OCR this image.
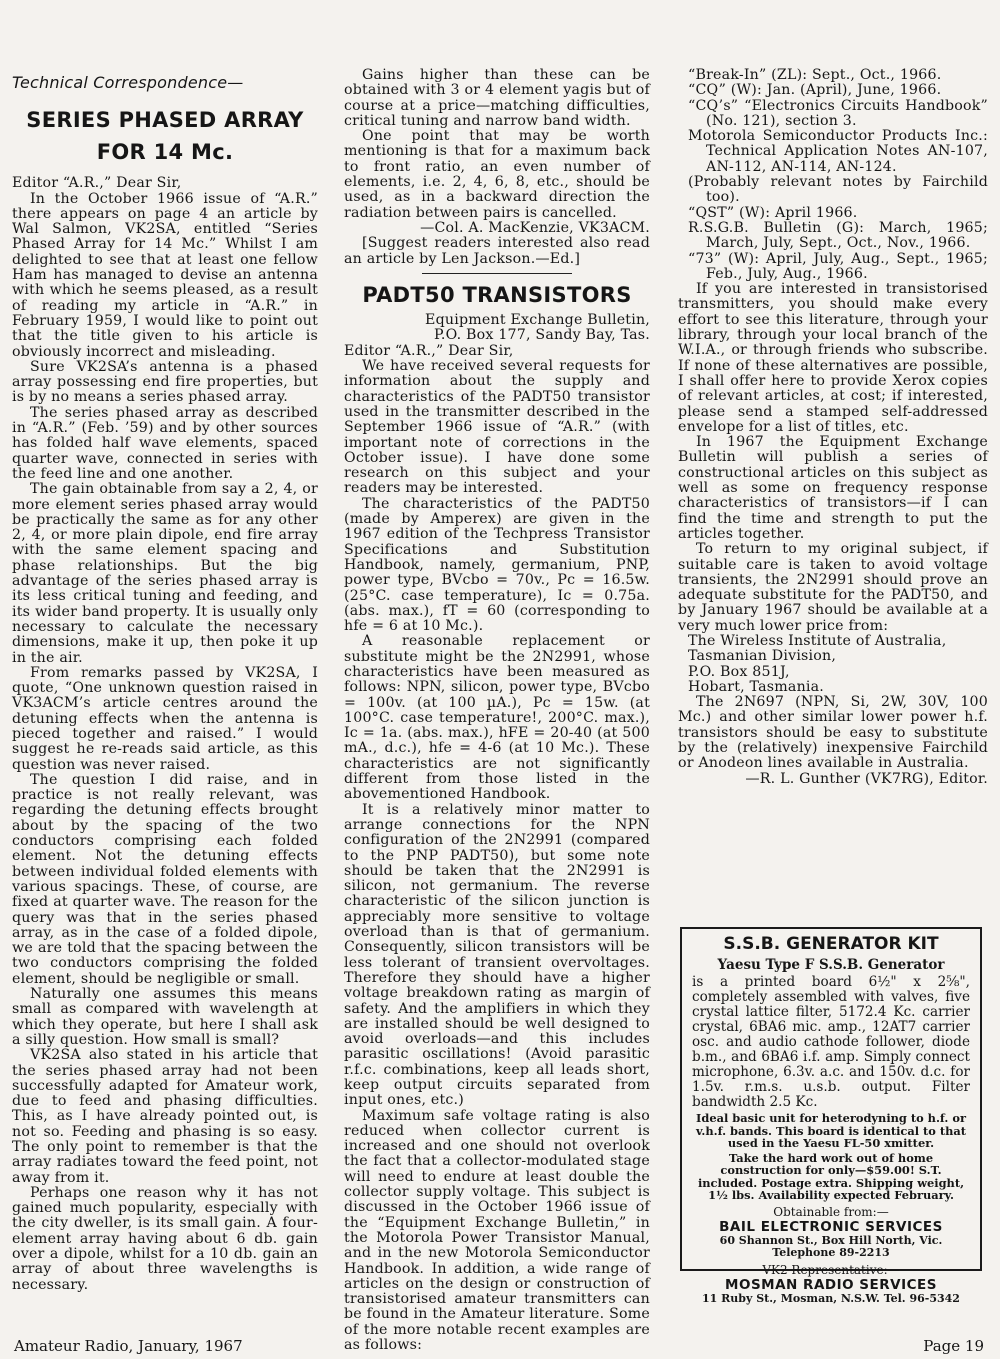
Technical Correspondence—
SERIES PHASED ARRAY
FOR 14 Mc.

Editor “A.R.,” Dear Sir,

In the October 1966 issue of “A.R.” there appears on page 4 an article by Wal Salmon, VK2SA, entitled “Series Phased Array for 14 Mc.” Whilst I am delighted to see that at least one fellow Ham has managed to devise an antenna with which he seems pleased, as a result of reading my article in “A.R.” in February 1959, I would like to point out that the title given to his article is obviously incorrect and misleading.

Sure VK2SA’s antenna is a phased array possessing end fire properties, but is by no means a series phased array.

The series phased array as described in “A.R.” (Feb. ’59) and by other sources has folded half wave elements, spaced quarter wave, connected in series with the feed line and one another.

The gain obtainable from say a 2, 4, or more element series phased array would be practically the same as for any other 2, 4, or more plain dipole, end fire array with the same element spacing and phase relationships. But the big advantage of the series phased array is its less critical tuning and feeding, and its wider band property. It is usually only necessary to calculate the necessary dimensions, make it up, then poke it up in the air.

From remarks passed by VK2SA, I quote, “One unknown question raised in VK3ACM’s article centres around the detuning effects when the antenna is pieced together and raised.” I would suggest he re-reads said article, as this question was never raised.

The question I did raise, and in practice is not really relevant, was regarding the detuning effects brought about by the spacing of the two conductors comprising each folded element. Not the detuning effects between individual folded elements with various spacings. These, of course, are fixed at quarter wave. The reason for the query was that in the series phased array, as in the case of a folded dipole, we are told that the spacing between the two conductors comprising the folded element, should be negligible or small.

Naturally one assumes this means small as compared with wavelength at which they operate, but here I shall ask a silly question. How small is small?

VK2SA also stated in his article that the series phased array had not been successfully adapted for Amateur work, due to feed and phasing difficulties. This, as I have already pointed out, is not so. Feeding and phasing is so easy. The only point to remember is that the array radiates toward the feed point, not away from it.

Perhaps one reason why it has not gained much popularity, especially with the city dweller, is its small gain. A four-element array having about 6 db. gain over a dipole, whilst for a 10 db. gain an array of about three wavelengths is necessary.

Gains higher than these can be obtained with 3 or 4 element yagis but of course at a price—matching difficulties, critical tuning and narrow band width.

One point that may be worth mentioning is that for a maximum back to front ratio, an even number of elements, i.e. 2, 4, 6, 8, etc., should be used, as in a backward direction the radiation between pairs is cancelled.

—Col. A. MacKenzie, VK3ACM.

[Suggest readers interested also read an article by Len Jackson.—Ed.]

PADT50 TRANSISTORS

Equipment Exchange Bulletin,

P.O. Box 177, Sandy Bay, Tas.

Editor “A.R.,” Dear Sir,

We have received several requests for information about the supply and characteristics of the PADT50 transistor used in the transmitter described in the September 1966 issue of “A.R.” (with important note of corrections in the October issue). I have done some research on this subject and your readers may be interested.

The characteristics of the PADT50 (made by Amperex) are given in the 1967 edition of the Techpress Transistor Specifications and Substitution Handbook, namely, germanium, PNP, power type, BVcbo = 70v., Pc = 16.5w. (25°C. case temperature), Ic = 0.75a. (abs. max.), fT = 60 (corresponding to hfe = 6 at 10 Mc.).

A reasonable replacement or substitute might be the 2N2991, whose characteristics have been measured as follows: NPN, silicon, power type, BVcbo = 100v. (at 100 µA.), Pc = 15w. (at 100°C. case temperature!, 200°C. max.), Ic = 1a. (abs. max.), hFE = 20-40 (at 500 mA., d.c.), hfe = 4-6 (at 10 Mc.). These characteristics are not significantly different from those listed in the abovementioned Handbook.

It is a relatively minor matter to arrange connections for the NPN configuration of the 2N2991 (compared to the PNP PADT50), but some note should be taken that the 2N2991 is silicon, not germanium. The reverse characteristic of the silicon junction is appreciably more sensitive to voltage overload than is that of germanium. Consequently, silicon transistors will be less tolerant of transient overvoltages. Therefore they should have a higher voltage breakdown rating as margin of safety. And the amplifiers in which they are installed should be well designed to avoid overloads—and this includes parasitic oscillations! (Avoid parasitic r.f.c. combinations, keep all leads short, keep output circuits separated from input ones, etc.)

Maximum safe voltage rating is also reduced when collector current is increased and one should not overlook the fact that a collector-modulated stage will need to endure at least double the collector supply voltage. This subject is discussed in the October 1966 issue of the “Equipment Exchange Bulletin,” in the Motorola Power Transistor Manual, and in the new Motorola Semiconductor Handbook. In addition, a wide range of articles on the design or construction of transistorised amateur transmitters can be found in the Amateur literature. Some of the more notable recent examples are as follows:

“Break-In” (ZL): Sept., Oct., 1966.

“CQ” (W): Jan. (April), June, 1966.

“CQ’s” “Electronics Circuits Handbook” (No. 121), section 3.

Motorola Semiconductor Products Inc.: Technical Application Notes AN-107, AN-112, AN-114, AN-124.

(Probably relevant notes by Fairchild too).

“QST” (W): April 1966.

R.S.G.B. Bulletin (G): March, 1965; March, July, Sept., Oct., Nov., 1966.

“73” (W): April, July, Aug., Sept., 1965; Feb., July, Aug., 1966.

If you are interested in transistorised transmitters, you should make every effort to see this literature, through your library, through your local branch of the W.I.A., or through friends who subscribe. If none of these alternatives are possible, I shall offer here to provide Xerox copies of relevant articles, at cost; if interested, please send a stamped self-addressed envelope for a list of titles, etc.

In 1967 the Equipment Exchange Bulletin will publish a series of constructional articles on this subject as well as some on frequency response characteristics of transistors—if I can find the time and strength to put the articles together.

To return to my original subject, if suitable care is taken to avoid voltage transients, the 2N2991 should prove an adequate substitute for the PADT50, and by January 1967 should be available at a very much lower price from:

The Wireless Institute of Australia,

Tasmanian Division,

P.O. Box 851J,

Hobart, Tasmania.

The 2N697 (NPN, Si, 2W, 30V, 100 Mc.) and other similar lower power h.f. transistors should be easy to substitute by the (relatively) inexpensive Fairchild or Anodeon lines available in Australia.

—R. L. Gunther (VK7RG), Editor.

S.S.B. GENERATOR KIT
Yaesu Type F S.S.B. Generator

is a printed board 6½" x 2⅝", completely assembled with valves, five crystal lattice filter, 5172.4 Kc. carrier crystal, 6BA6 mic. amp., 12AT7 carrier osc. and audio cathode follower, diode b.m., and 6BA6 i.f. amp. Simply connect microphone, 6.3v. a.c. and 150v. d.c. for 1.5v. r.m.s. u.s.b. output. Filter bandwidth 2.5 Kc.

Ideal basic unit for heterodyning to h.f. or v.h.f. bands. This board is identical to that used in the Yaesu FL-50 xmitter.

Take the hard work out of home construction for only—$59.00! S.T. included. Postage extra. Shipping weight, 1½ lbs. Availability expected February.

Obtainable from:—

BAIL ELECTRONIC SERVICES
60 Shannon St., Box Hill North, Vic.
Telephone 89-2213

VK2 Representative:—

MOSMAN RADIO SERVICES
11 Ruby St., Mosman, N.S.W. Tel. 96-5342
Amateur Radio, January, 1967	Page 19
